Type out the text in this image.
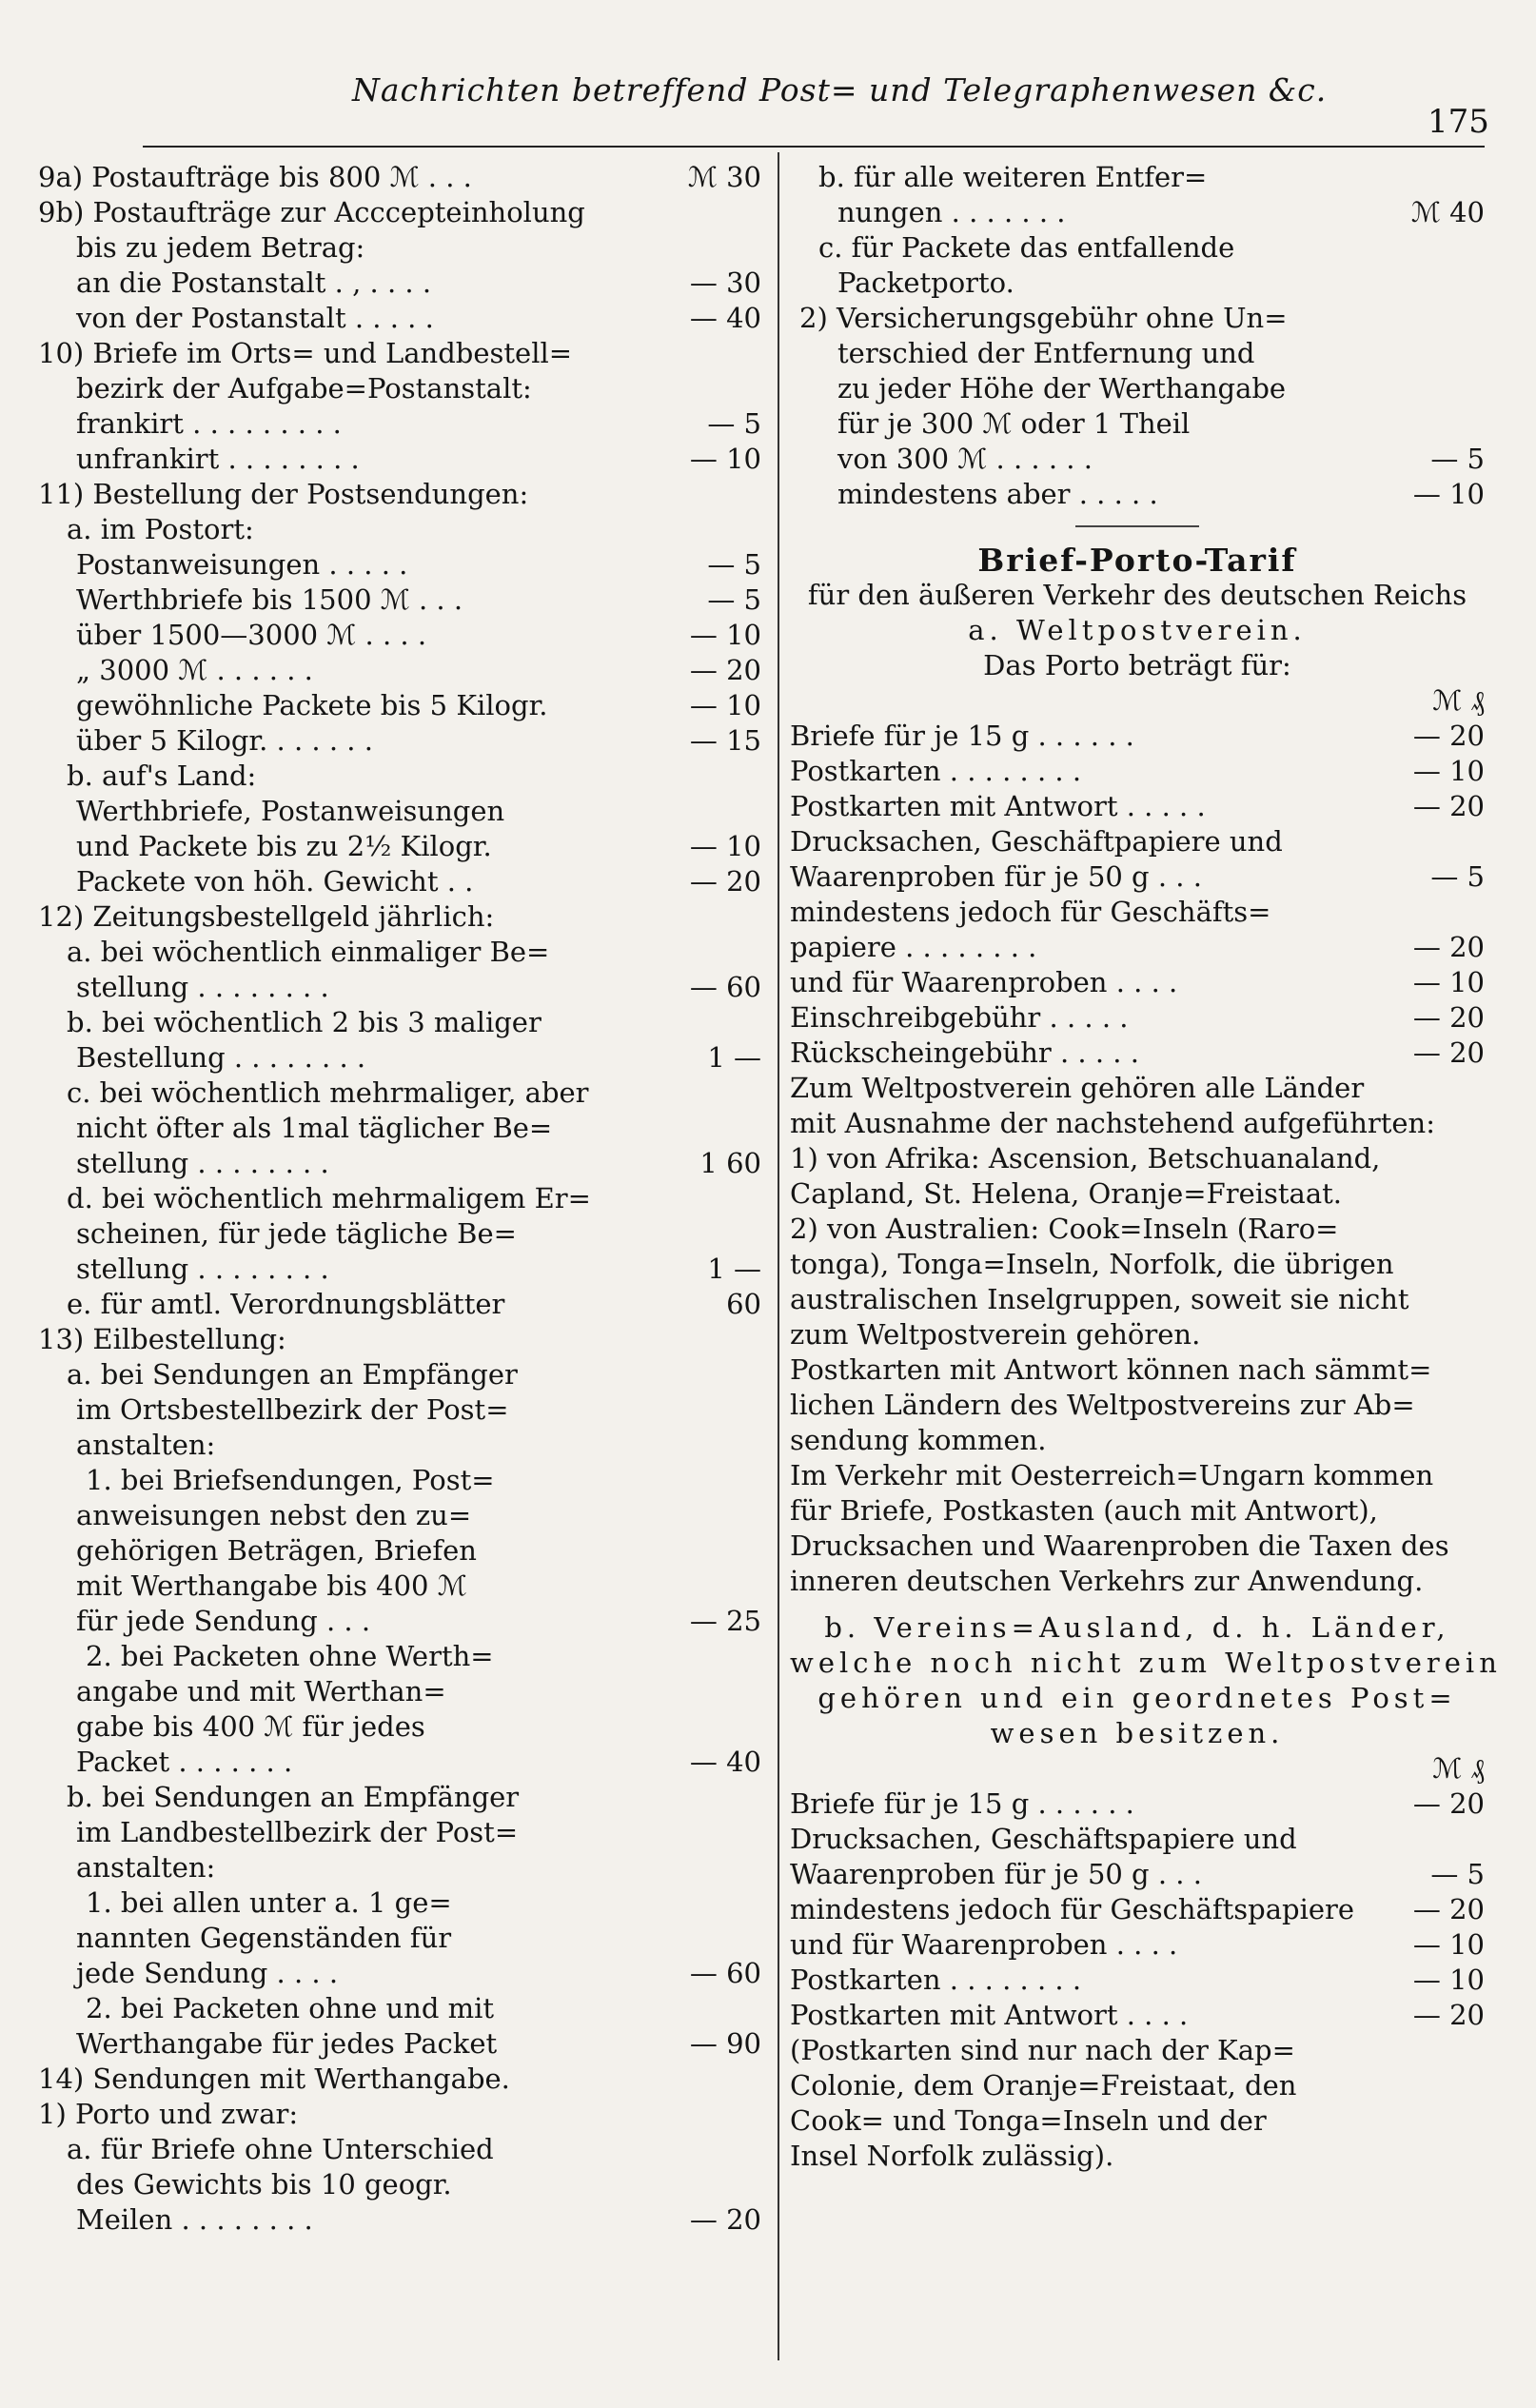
Nachrichten betreffend Post= und Telegraphenwesen &c.
175
9a) Postaufträge bis 800 ℳ . . .	ℳ 30
9b) Postaufträge zur Acccepteinholung
bis zu jedem Betrag:
an die Postanstalt . , . . . .	— 30
von der Postanstalt . . . . .	— 40
10) Briefe im Orts= und Landbestell=
bezirk der Aufgabe=Postanstalt:
frankirt . . . . . . . . .	— 5
unfrankirt . . . . . . . .	— 10
11) Bestellung der Postsendungen:
a. im Postort:
Postanweisungen . . . . .	— 5
Werthbriefe bis 1500 ℳ . . .	— 5
über 1500—3000 ℳ . . . .	— 10
„ 3000 ℳ . . . . . .	— 20
gewöhnliche Packete bis 5 Kilogr.	— 10
über 5 Kilogr. . . . . . .	— 15
b. auf's Land:
Werthbriefe, Postanweisungen
und Packete bis zu 2½ Kilogr.	— 10
Packete von höh. Gewicht . .	— 20
12) Zeitungsbestellgeld jährlich:
a. bei wöchentlich einmaliger Be=
stellung . . . . . . . .	— 60
b. bei wöchentlich 2 bis 3 maliger
Bestellung . . . . . . . .	1 —
c. bei wöchentlich mehrmaliger, aber
nicht öfter als 1mal täglicher Be=
stellung . . . . . . . .	1 60
d. bei wöchentlich mehrmaligem Er=
scheinen, für jede tägliche Be=
stellung . . . . . . . .	1 —
e. für amtl. Verordnungsblätter	60
13) Eilbestellung:
a. bei Sendungen an Empfänger
im Ortsbestellbezirk der Post=
anstalten:
1. bei Briefsendungen, Post=
anweisungen nebst den zu=
gehörigen Beträgen, Briefen
mit Werthangabe bis 400 ℳ
für jede Sendung . . .	— 25
2. bei Packeten ohne Werth=
angabe und mit Werthan=
gabe bis 400 ℳ für jedes
Packet . . . . . . .	— 40
b. bei Sendungen an Empfänger
im Landbestellbezirk der Post=
anstalten:
1. bei allen unter a. 1 ge=
nannten Gegenständen für
jede Sendung . . . .	— 60
2. bei Packeten ohne und mit
Werthangabe für jedes Packet	— 90
14) Sendungen mit Werthangabe.
1) Porto und zwar:
a. für Briefe ohne Unterschied
des Gewichts bis 10 geogr.
Meilen . . . . . . . .	— 20
b. für alle weiteren Entfer=
nungen . . . . . . .	ℳ 40
c. für Packete das entfallende
Packetporto.
2) Versicherungsgebühr ohne Un=
terschied der Entfernung und
zu jeder Höhe der Werthangabe
für je 300 ℳ oder 1 Theil
von 300 ℳ . . . . . .	— 5
mindestens aber . . . . .	— 10
Brief-Porto-Tarif
für den äußeren Verkehr des deutschen Reichs
a. Weltpostverein.
Das Porto beträgt für:
ℳ ₰
Briefe für je 15 g . . . . . .	— 20
Postkarten . . . . . . . .	— 10
Postkarten mit Antwort . . . . .	— 20
Drucksachen, Geschäftpapiere und
Waarenproben für je 50 g . . .	— 5
mindestens jedoch für Geschäfts=
papiere . . . . . . . .	— 20
und für Waarenproben . . . .	— 10
Einschreibgebühr . . . . .	— 20
Rückscheingebühr . . . . .	— 20
Zum Weltpostverein gehören alle Länder
mit Ausnahme der nachstehend aufgeführten:
1) von Afrika: Ascension, Betschuanaland,
Capland, St. Helena, Oranje=Freistaat.
2) von Australien: Cook=Inseln (Raro=
tonga), Tonga=Inseln, Norfolk, die übrigen
australischen Inselgruppen, soweit sie nicht
zum Weltpostverein gehören.
Postkarten mit Antwort können nach sämmt=
lichen Ländern des Weltpostvereins zur Ab=
sendung kommen.
Im Verkehr mit Oesterreich=Ungarn kommen
für Briefe, Postkasten (auch mit Antwort),
Drucksachen und Waarenproben die Taxen des
inneren deutschen Verkehrs zur Anwendung.
b. Vereins=Ausland, d. h. Länder,
welche noch nicht zum Weltpostverein
gehören und ein geordnetes Post=
wesen besitzen.
ℳ ₰
Briefe für je 15 g . . . . . .	— 20
Drucksachen, Geschäftspapiere und
Waarenproben für je 50 g . . .	— 5
mindestens jedoch für Geschäftspapiere	— 20
und für Waarenproben . . . .	— 10
Postkarten . . . . . . . .	— 10
Postkarten mit Antwort . . . .	— 20
(Postkarten sind nur nach der Kap=
Colonie, dem Oranje=Freistaat, den
Cook= und Tonga=Inseln und der
Insel Norfolk zulässig).
